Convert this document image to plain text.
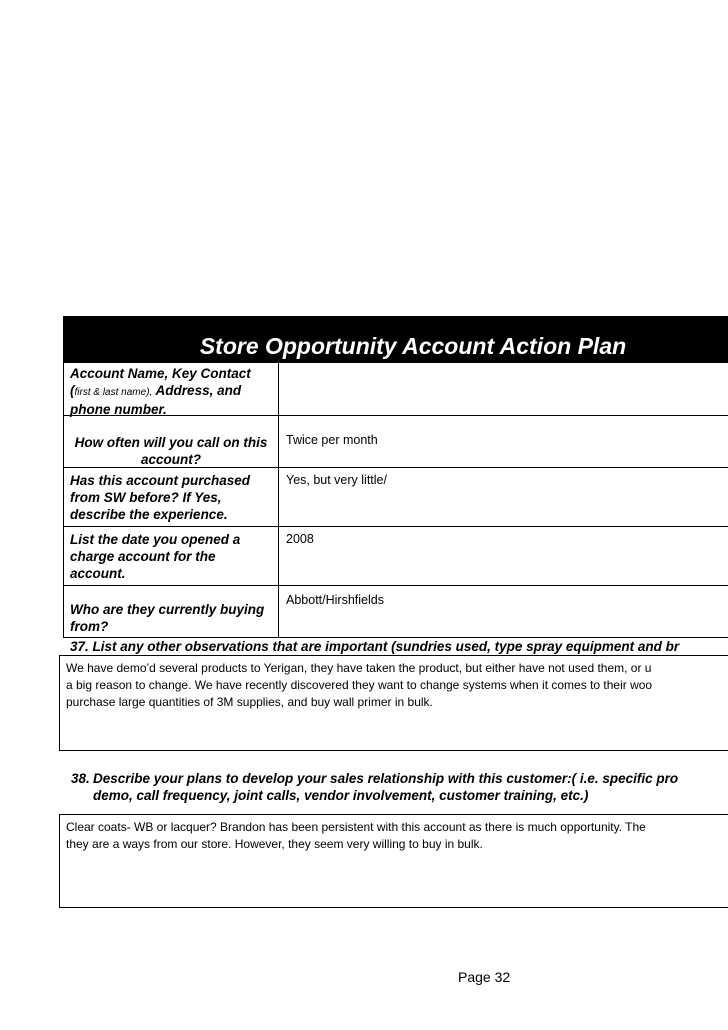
Store Opportunity Account Action Plan
Account Name, Key Contact (first & last name), Address, and phone number.
How often will you call on this account?
Twice per month
Has this account purchased from SW before? If Yes, describe the experience.
Yes, but very little/
List the date you opened a charge account for the account.
2008
Who are they currently buying from?
Abbott/Hirshfields
37. List any other observations that are important (sundries used, type spray equipment and br
We have demo’d several products to Yerigan, they have taken the product, but either have not used them, or u
a big reason to change. We have recently discovered they want to change systems when it comes to their woo
purchase large quantities of 3M supplies, and buy wall primer in bulk.
38. Describe your plans to develop your sales relationship with this customer:( i.e. specific pro
demo, call frequency, joint calls, vendor involvement, customer training, etc.)
Clear coats- WB or lacquer? Brandon has been persistent with this account as there is much opportunity. The
they are a ways from our store. However, they seem very willing to buy in bulk.
Page 32
